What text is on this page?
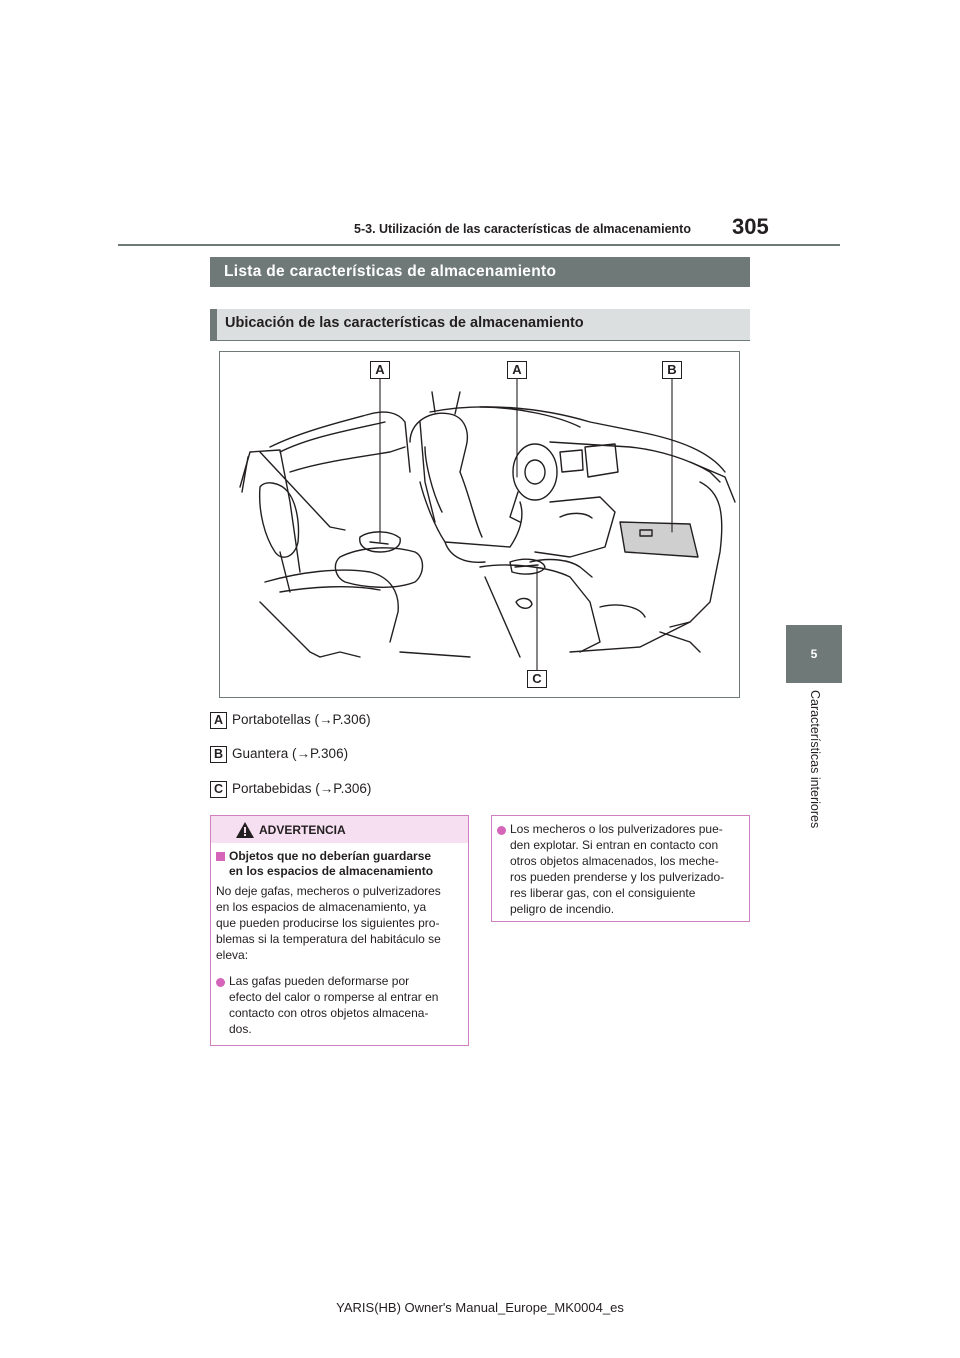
5-3. Utilización de las características de almacenamiento 305
5
Características interiores
Lista de características de almacenamiento
Ubicación de las características de almacenamiento
A	A	B
C
A Portabotellas (→P.306)
B Guantera (→P.306)
C Portabebidas (→P.306)
ADVERTENCIA
Objetos que no deberían guardarse
en los espacios de almacenamiento
No deje gafas, mecheros o pulverizadores
en los espacios de almacenamiento, ya
que pueden producirse los siguientes pro-
blemas si la temperatura del habitáculo se
eleva:
Las gafas pueden deformarse por
efecto del calor o romperse al entrar en
contacto con otros objetos almacena-
dos.
Los mecheros o los pulverizadores pue-
den explotar. Si entran en contacto con
otros objetos almacenados, los meche-
ros pueden prenderse y los pulverizado-
res liberar gas, con el consiguiente
peligro de incendio.
YARIS(HB) Owner's Manual_Europe_MK0004_es
